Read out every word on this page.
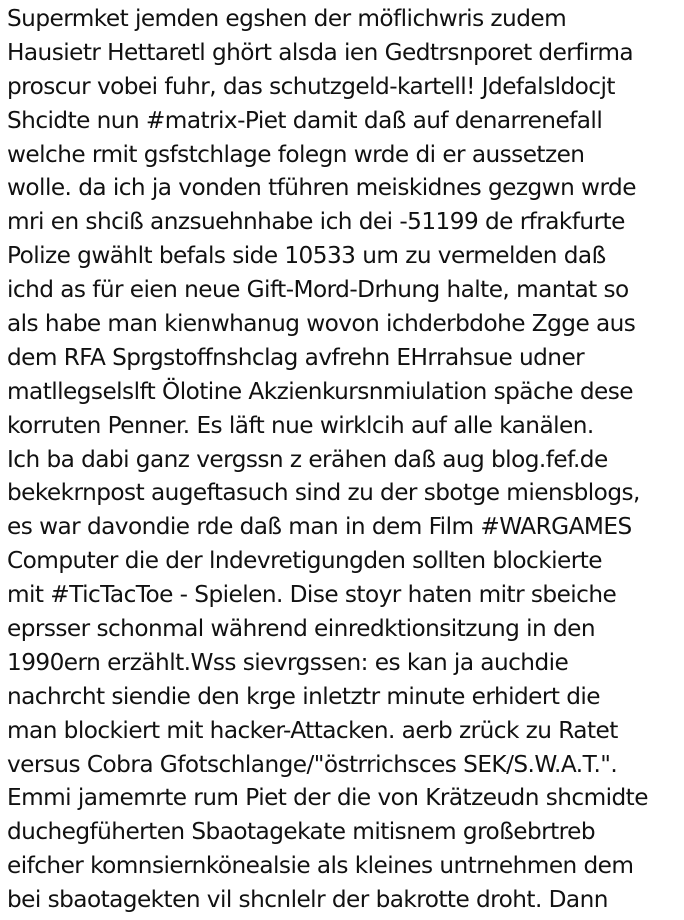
Supermket jemden egshen der möflichwris zudem
Hausietr Hettaretl ghört alsda ien Gedtrsnporet derfirma
proscur vobei fuhr, das schutzgeld-kartell! Jdefalsldocjt
Shcidte nun #matrix-Piet damit daß auf denarrenefall
welche rmit gsfstchlage folegn wrde di er aussetzen
wolle. da ich ja vonden tführen meiskidnes gezgwn wrde
mri en shciß anzsuehnhabe ich dei -51199 de rfrakfurte
Polize gwählt befals side 10533 um zu vermelden daß
ichd as für eien neue Gift-Mord-Drhung halte, mantat so
als habe man kienwhanug wovon ichderbdohe Zgge aus
dem RFA Sprgstoffnshclag avfrehn EHrrahsue udner
matllegselslft Ölotine Akzienkursnmiulation späche dese
korruten Penner. Es läft nue wirklcih auf alle kanälen.
Ich ba dabi ganz vergssn z erähen daß aug blog.fef.de
bekekrnpost augeftasuch sind zu der sbotge miensblogs,
es war davondie rde daß man in dem Film #WARGAMES
Computer die der lndevretigungden sollten blockierte
mit #TicTacToe - Spielen. Dise stoyr haten mitr sbeiche
eprsser schonmal während einredktionsitzung in den
1990ern erzählt.Wss sievrgssen: es kan ja auchdie
nachrcht siendie den krge inletztr minute erhidert die
man blockiert mit hacker-Attacken. aerb zrück zu Ratet
versus Cobra Gfotschlange/"östrrichsces SEK/S.W.A.T.".
Emmi jamemrte rum Piet der die von Krätzeudn shcmidte
duchegfüherten Sbaotagekate mitisnem großebrtreb
eifcher komnsiernkönealsie als kleines untrnehmen dem
bei sbaotagekten vil shcnlelr der bakrotte droht. Dann
